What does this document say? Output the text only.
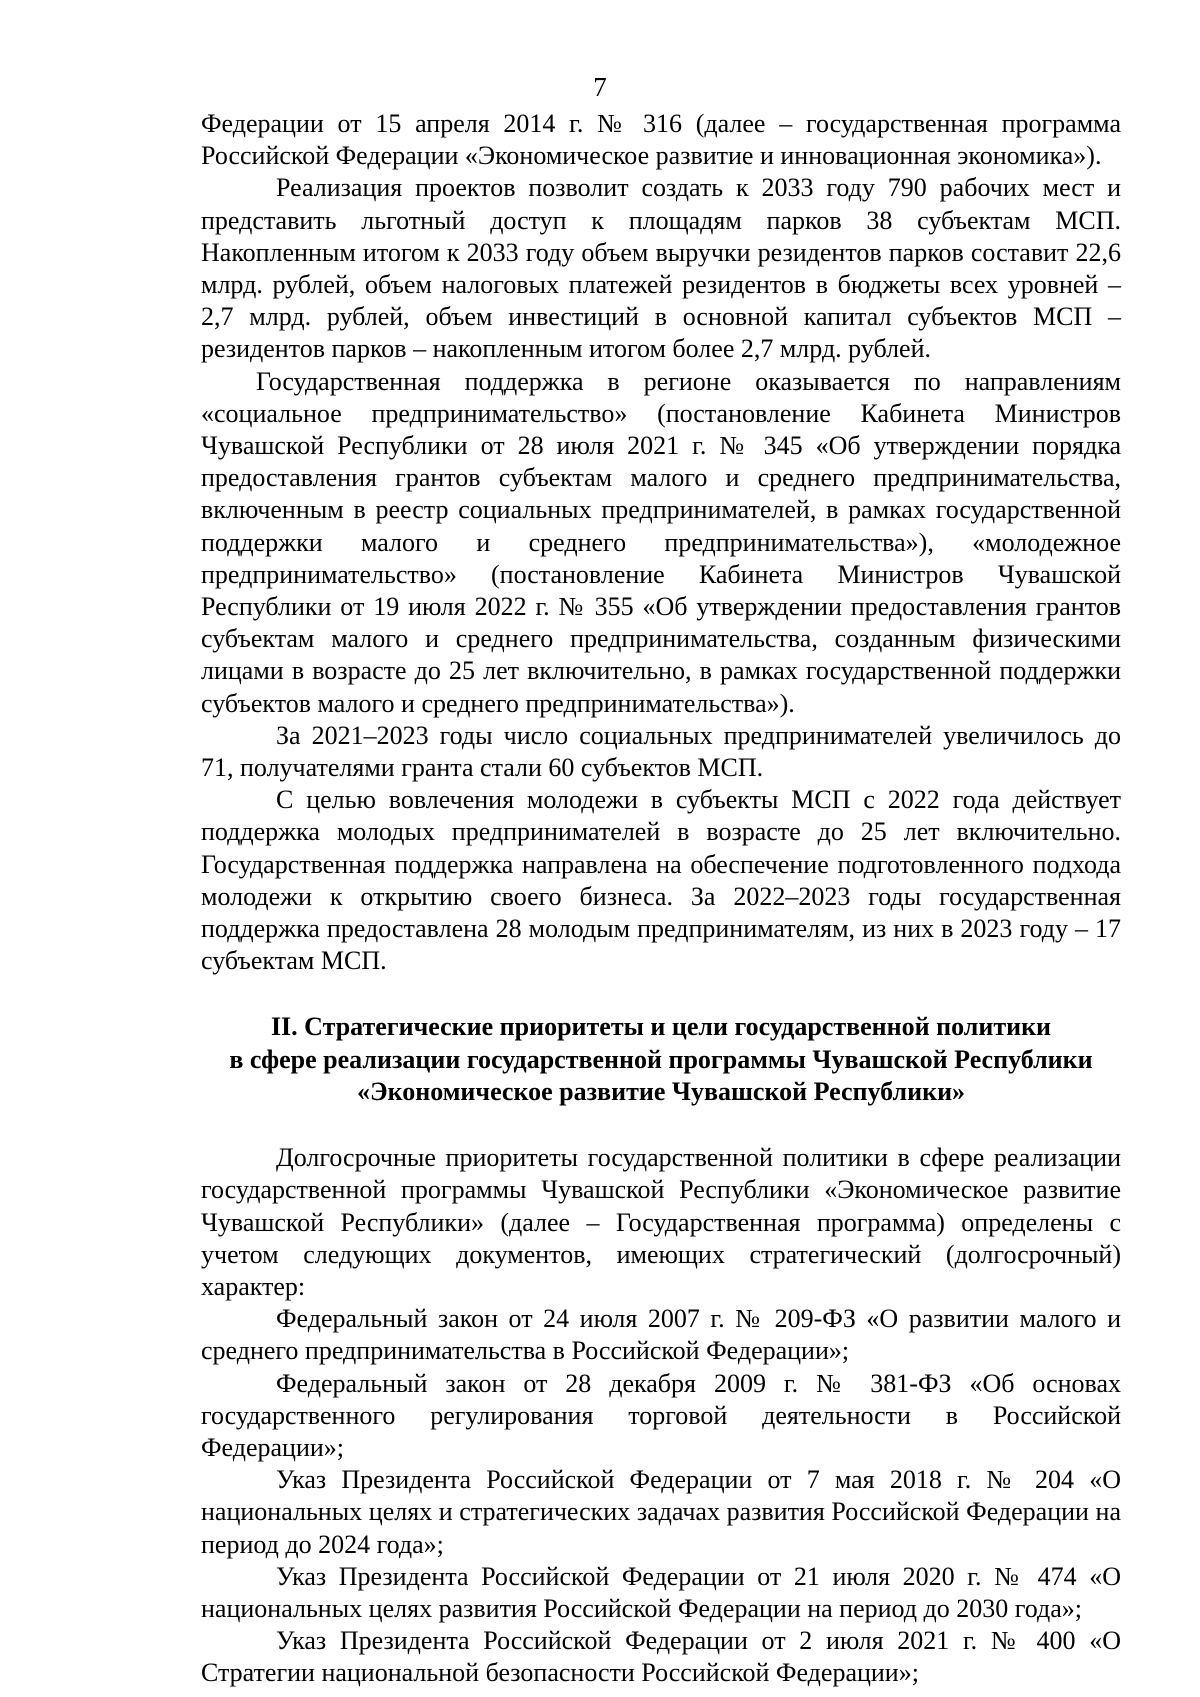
7

Федерации от 15 апреля 2014 г. № 316 (далее – государственная программа Российской Федерации «Экономическое развитие и инновационная экономика»).

Реализация проектов позволит создать к 2033 году 790 рабочих мест и представить льготный доступ к площадям парков 38 субъектам МСП. Накопленным итогом к 2033 году объем выручки резидентов парков составит 22,6 млрд. рублей, объем налоговых платежей резидентов в бюджеты всех уровней – 2,7 млрд. рублей, объем инвестиций в основной капитал субъектов МСП – резидентов парков – накопленным итогом более 2,7 млрд. рублей.

Государственная поддержка в регионе оказывается по направлениям «социальное предпринимательство» (постановление Кабинета Министров Чувашской Республики от 28 июля 2021 г. № 345 «Об утверждении порядка предоставления грантов субъектам малого и среднего предпринимательства, включенным в реестр социальных предпринимателей, в рамках государственной поддержки малого и среднего предпринимательства»), «молодежное предпринимательство» (постановление Кабинета Министров Чувашской Республики от 19 июля 2022 г. № 355 «Об утверждении предоставления грантов субъектам малого и среднего предпринимательства, созданным физическими лицами в возрасте до 25 лет включительно, в рамках государственной поддержки субъектов малого и среднего предпринимательства»).

За 2021–2023 годы число социальных предпринимателей увеличилось до 71, получателями гранта стали 60 субъектов МСП.

С целью вовлечения молодежи в субъекты МСП с 2022 года действует поддержка молодых предпринимателей в возрасте до 25 лет включительно. Государственная поддержка направлена на обеспечение подготовленного подхода молодежи к открытию своего бизнеса. За 2022–2023 годы государственная поддержка предоставлена 28 молодым предпринимателям, из них в 2023 году – 17 субъектам МСП.

II. Стратегические приоритеты и цели государственной политики
в сфере реализации государственной программы Чувашской Республики
«Экономическое развитие Чувашской Республики»

Долгосрочные приоритеты государственной политики в сфере реализации государственной программы Чувашской Республики «Экономическое развитие Чувашской Республики» (далее – Государственная программа) определены с учетом следующих документов, имеющих стратегический (долгосрочный) характер:

Федеральный закон от 24 июля 2007 г. № 209-ФЗ «О развитии малого и среднего предпринимательства в Российской Федерации»;

Федеральный закон от 28 декабря 2009 г. № 381-ФЗ «Об основах государственного регулирования торговой деятельности в Российской Федерации»;

Указ Президента Российской Федерации от 7 мая 2018 г. № 204 «О национальных целях и стратегических задачах развития Российской Федерации на период до 2024 года»;

Указ Президента Российской Федерации от 21 июля 2020 г. № 474 «О национальных целях развития Российской Федерации на период до 2030 года»;

Указ Президента Российской Федерации от 2 июля 2021 г. № 400 «О Стратегии национальной безопасности Российской Федерации»;
